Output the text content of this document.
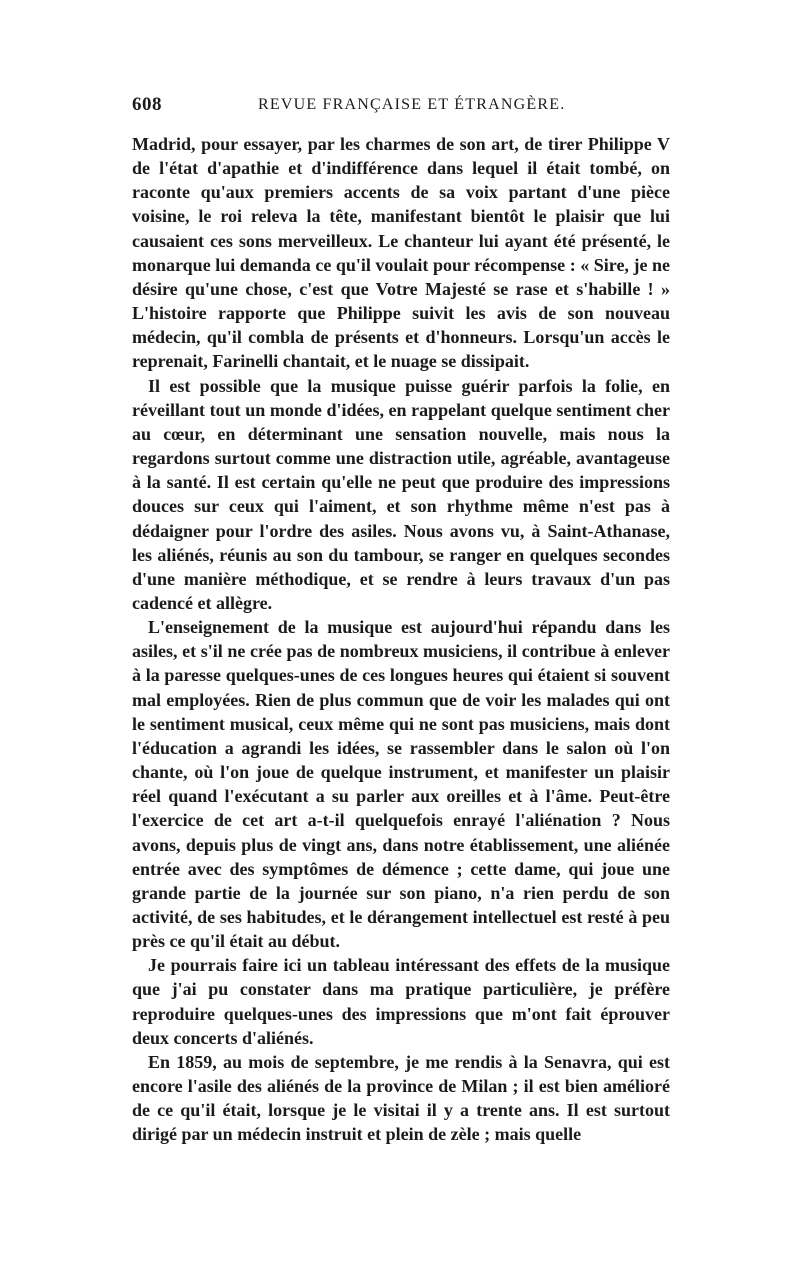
608	REVUE FRANÇAISE ET ÉTRANGÈRE.

Madrid, pour essayer, par les charmes de son art, de tirer Philippe V de l'état d'apathie et d'indifférence dans lequel il était tombé, on raconte qu'aux premiers accents de sa voix partant d'une pièce voisine, le roi releva la tête, manifestant bientôt le plaisir que lui causaient ces sons merveilleux. Le chanteur lui ayant été présenté, le monarque lui demanda ce qu'il voulait pour récompense : « Sire, je ne désire qu'une chose, c'est que Votre Majesté se rase et s'habille ! » L'histoire rapporte que Philippe suivit les avis de son nouveau médecin, qu'il combla de présents et d'honneurs. Lorsqu'un accès le reprenait, Farinelli chantait, et le nuage se dissipait.

Il est possible que la musique puisse guérir parfois la folie, en réveillant tout un monde d'idées, en rappelant quelque sentiment cher au cœur, en déterminant une sensation nouvelle, mais nous la regardons surtout comme une distraction utile, agréable, avantageuse à la santé. Il est certain qu'elle ne peut que produire des impressions douces sur ceux qui l'aiment, et son rhythme même n'est pas à dédaigner pour l'ordre des asiles. Nous avons vu, à Saint-Athanase, les aliénés, réunis au son du tambour, se ranger en quelques secondes d'une manière méthodique, et se rendre à leurs travaux d'un pas cadencé et allègre.

L'enseignement de la musique est aujourd'hui répandu dans les asiles, et s'il ne crée pas de nombreux musiciens, il contribue à enlever à la paresse quelques-unes de ces longues heures qui étaient si souvent mal employées. Rien de plus commun que de voir les malades qui ont le sentiment musical, ceux même qui ne sont pas musiciens, mais dont l'éducation a agrandi les idées, se rassembler dans le salon où l'on chante, où l'on joue de quelque instrument, et manifester un plaisir réel quand l'exécutant a su parler aux oreilles et à l'âme. Peut-être l'exercice de cet art a-t-il quelquefois enrayé l'aliénation ? Nous avons, depuis plus de vingt ans, dans notre établissement, une aliénée entrée avec des symptômes de démence ; cette dame, qui joue une grande partie de la journée sur son piano, n'a rien perdu de son activité, de ses habitudes, et le dérangement intellectuel est resté à peu près ce qu'il était au début.

Je pourrais faire ici un tableau intéressant des effets de la musique que j'ai pu constater dans ma pratique particulière, je préfère reproduire quelques-unes des impressions que m'ont fait éprouver deux concerts d'aliénés.

En 1859, au mois de septembre, je me rendis à la Senavra, qui est encore l'asile des aliénés de la province de Milan ; il est bien amélioré de ce qu'il était, lorsque je le visitai il y a trente ans. Il est surtout dirigé par un médecin instruit et plein de zèle ; mais quelle
